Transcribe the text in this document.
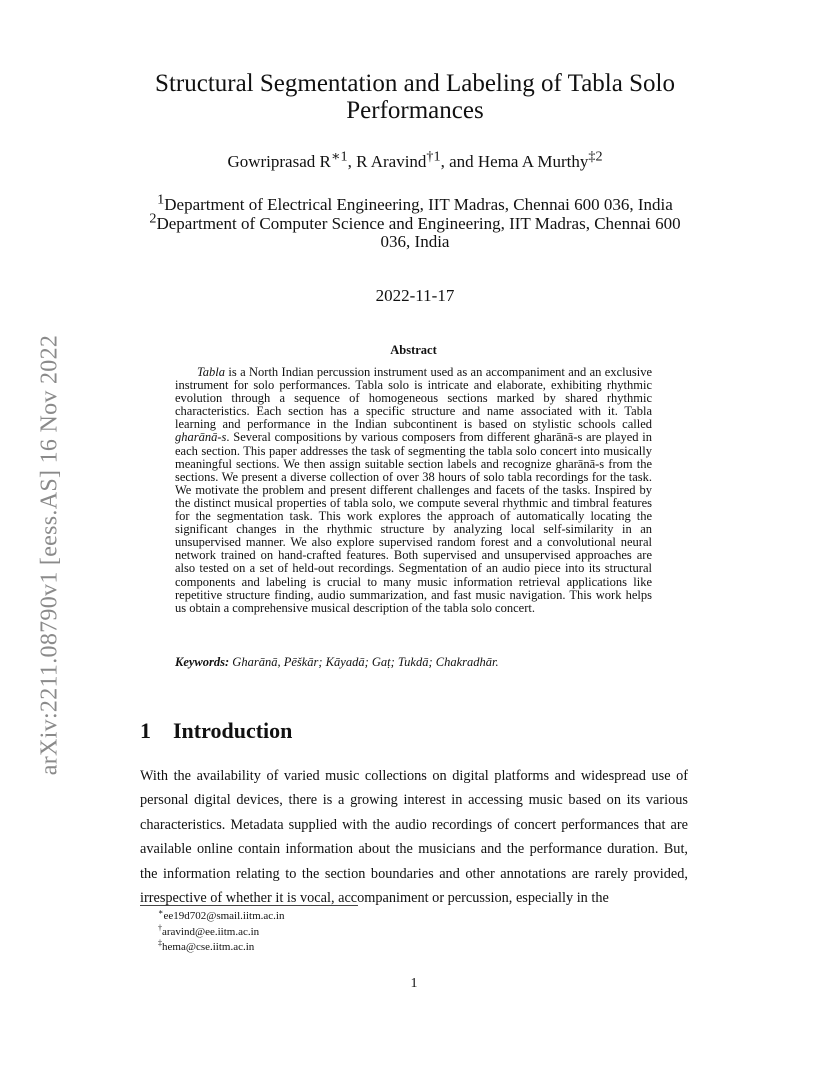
arXiv:2211.08790v1 [eess.AS] 16 Nov 2022
Structural Segmentation and Labeling of Tabla Solo Performances
Gowriprasad $R^{∗1}$, R Aravind$^{\dagger 1}$, and Hema A Murthy$^{\ddagger 2}$

$^1$Department of Electrical Engineering, IIT Madras, Chennai 600 036, India

$^2$Department of Computer Science and Engineering, IIT Madras, Chennai 600 036, India

2022-11-17
Abstract

Tabla is a North Indian percussion instrument used as an accompaniment and an exclusive instrument for solo performances. Tabla solo is intricate and elaborate, exhibiting rhythmic evolution through a sequence of homogeneous sections marked by shared rhythmic characteristics. Each section has a specific structure and name associated with it. Tabla learning and performance in the Indian subcontinent is based on stylistic schools called gharānā-s. Several compositions by various composers from different gharānā-s are played in each section. This paper addresses the task of segmenting the tabla solo concert into musically meaningful sections. We then assign suitable section labels and recognize gharānā-s from the sections. We present a diverse collection of over 38 hours of solo tabla recordings for the task. We motivate the problem and present different challenges and facets of the tasks. Inspired by the distinct musical properties of tabla solo, we compute several rhythmic and timbral features for the segmentation task. This work explores the approach of automatically locating the significant changes in the rhythmic structure by analyzing local self-similarity in an unsupervised manner. We also explore supervised random forest and a convolutional neural network trained on hand-crafted features. Both supervised and unsupervised approaches are also tested on a set of held-out recordings. Segmentation of an audio piece into its structural components and labeling is crucial to many music information retrieval applications like repetitive structure finding, audio summarization, and fast music navigation. This work helps us obtain a comprehensive musical description of the tabla solo concert.

Keywords: Gharānā, Pēškār; Kāyadā; Gaṭ; Tukdā; Chakradhār.
1 Introduction

With the availability of varied music collections on digital platforms and widespread use of personal digital devices, there is a growing interest in accessing music based on its various characteristics. Metadata supplied with the audio recordings of concert performances that are available online contain information about the musicians and the performance duration. But, the information relating to the section boundaries and other annotations are rarely provided, irrespective of whether it is vocal, accompaniment or percussion, especially in the

∗ee19d702@smail.iitm.ac.in
†aravind@ee.iitm.ac.in
‡hema@cse.iitm.ac.in
1
